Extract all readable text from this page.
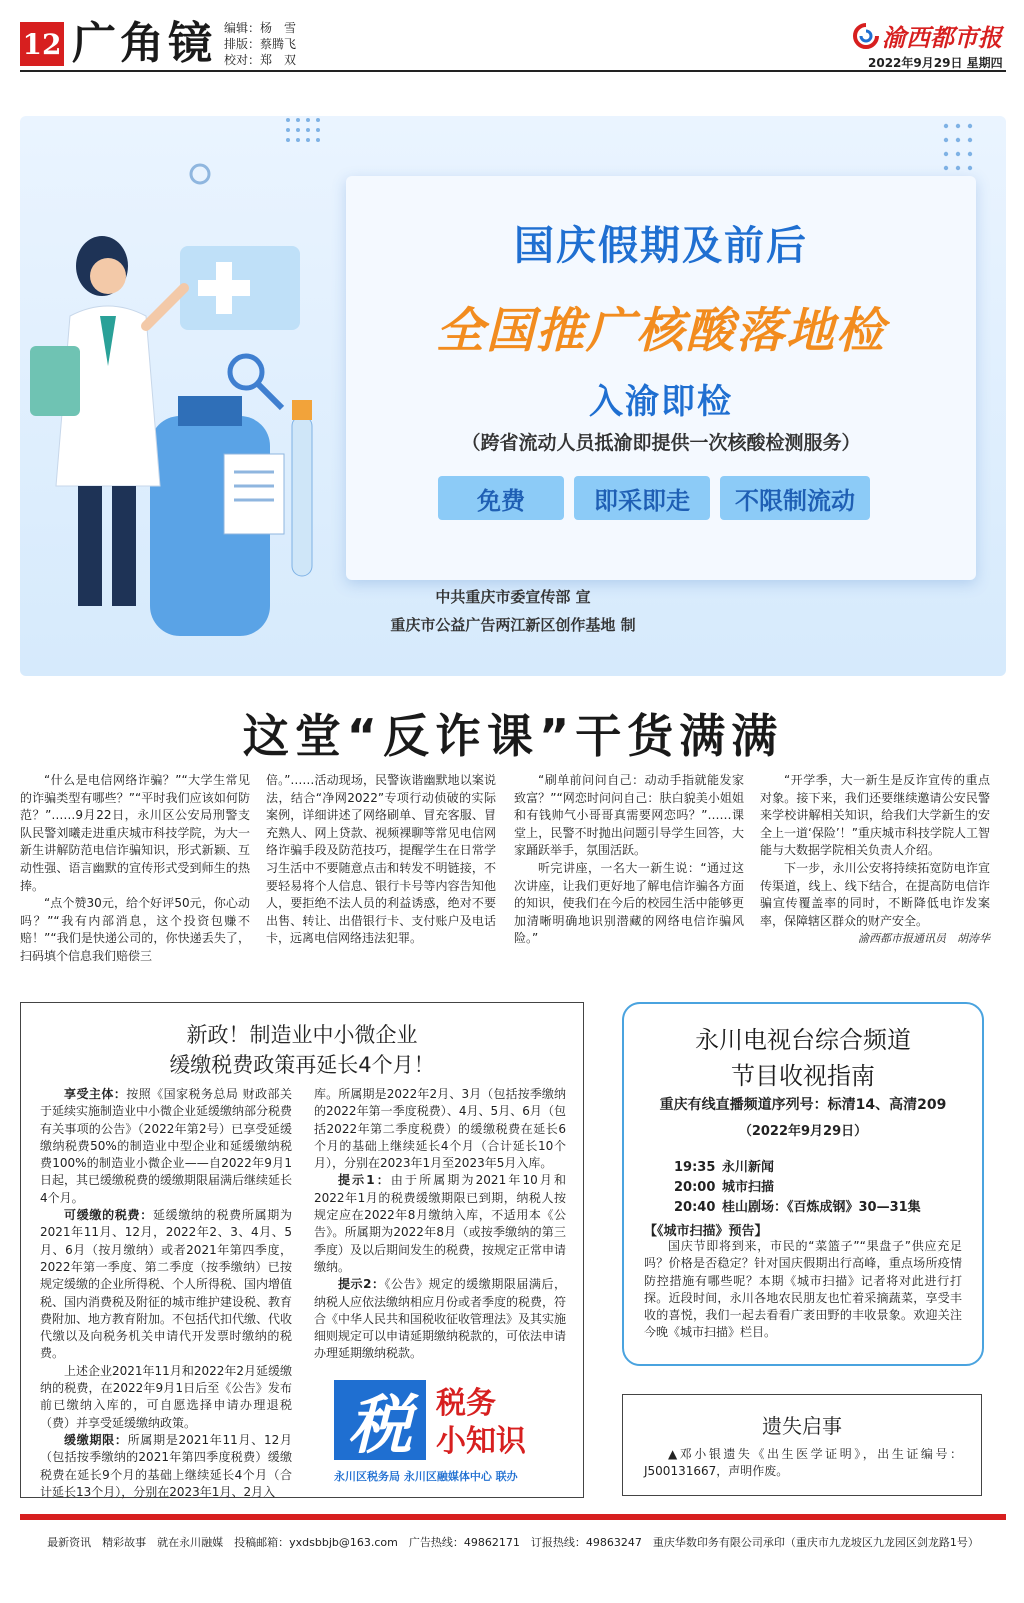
12 广角镜 编辑：杨　雪
排版：蔡腾飞
校对：郑　双
渝西都市报
2022年9月29日 星期四
国庆假期及前后
全国推广核酸落地检
入渝即检
（跨省流动人员抵渝即提供一次核酸检测服务）
免费	即采即走	不限制流动
中共重庆市委宣传部 宣
重庆市公益广告两江新区创作基地 制
这堂“反诈课”干货满满

“什么是电信网络诈骗？”“大学生常见的诈骗类型有哪些？”“平时我们应该如何防范？”……9月22日，永川区公安局刑警支队民警刘曦走进重庆城市科技学院，为大一新生讲解防范电信诈骗知识，形式新颖、互动性强、语言幽默的宣传形式受到师生的热捧。

“点个赞30元，给个好评50元，你心动吗？”“我有内部消息，这个投资包赚不赔！”“我们是快递公司的，你快递丢失了，扫码填个信息我们赔偿三

倍。”……活动现场，民警诙谐幽默地以案说法，结合“净网2022”专项行动侦破的实际案例，详细讲述了网络刷单、冒充客服、冒充熟人、网上贷款、视频裸聊等常见电信网络诈骗手段及防范技巧，提醒学生在日常学习生活中不要随意点击和转发不明链接，不要轻易将个人信息、银行卡号等内容告知他人，要拒绝不法人员的利益诱惑，绝对不要出售、转让、出借银行卡、支付账户及电话卡，远离电信网络违法犯罪。

“刷单前问问自己：动动手指就能发家致富？”“网恋时问问自己：肤白貌美小姐姐和有钱帅气小哥哥真需要网恋吗？”……课堂上，民警不时抛出问题引导学生回答，大家踊跃举手，氛围活跃。

听完讲座，一名大一新生说：“通过这次讲座，让我们更好地了解电信诈骗各方面的知识，使我们在今后的校园生活中能够更加清晰明确地识别潜藏的网络电信诈骗风险。”

“开学季，大一新生是反诈宣传的重点对象。接下来，我们还要继续邀请公安民警来学校讲解相关知识，给我们大学新生的安全上一道‘保险’！”重庆城市科技学院人工智能与大数据学院相关负责人介绍。

下一步，永川公安将持续拓宽防电诈宣传渠道，线上、线下结合，在提高防电信诈骗宣传覆盖率的同时，不断降低电诈发案率，保障辖区群众的财产安全。

渝西都市报通讯员　胡涛华
新政！制造业中小微企业
缓缴税费政策再延长4个月！

享受主体：按照《国家税务总局 财政部关于延续实施制造业中小微企业延缓缴纳部分税费有关事项的公告》（2022年第2号）已享受延缓缴纳税费50%的制造业中型企业和延缓缴纳税费100%的制造业小微企业——自2022年9月1日起，其已缓缴税费的缓缴期限届满后继续延长4个月。

可缓缴的税费：延缓缴纳的税费所属期为2021年11月、12月，2022年2、3、4月、5月、6月（按月缴纳）或者2021年第四季度，2022年第一季度、第二季度（按季缴纳）已按规定缓缴的企业所得税、个人所得税、国内增值税、国内消费税及附征的城市维护建设税、教育费附加、地方教育附加。不包括代扣代缴、代收代缴以及向税务机关申请代开发票时缴纳的税费。

上述企业2021年11月和2022年2月延缓缴纳的税费，在2022年9月1日后至《公告》发布前已缴纳入库的，可自愿选择申请办理退税（费）并享受延缓缴纳政策。

缓缴期限：所属期是2021年11月、12月（包括按季缴纳的2021年第四季度税费）缓缴税费在延长9个月的基础上继续延长4个月（合计延长13个月），分别在2023年1月、2月入

库。所属期是2022年2月、3月（包括按季缴纳的2022年第一季度税费）、4月、5月、6月（包括2022年第二季度税费）的缓缴税费在延长6个月的基础上继续延长4个月（合计延长10个月），分别在2023年1月至2023年5月入库。

提示1：由于所属期为2021年10月和2022年1月的税费缓缴期限已到期，纳税人按规定应在2022年8月缴纳入库，不适用本《公告》。所属期为2022年8月（或按季缴纳的第三季度）及以后期间发生的税费，按规定正常申请缴纳。

提示2：《公告》规定的缓缴期限届满后，纳税人应依法缴纳相应月份或者季度的税费，符合《中华人民共和国税收征收管理法》及其实施细则规定可以申请延期缴纳税款的，可依法申请办理延期缴纳税款。

税 税务
小知识
永川区税务局 永川区融媒体中心 联办
永川电视台综合频道
节目收视指南
重庆有线直播频道序列号：标清14、高清209
（2022年9月29日）
19:35 永川新闻
20:00 城市扫描
20:40 桂山剧场：《百炼成钢》30—31集
【《城市扫描》预告】
国庆节即将到来，市民的“菜篮子”“果盘子”供应充足吗？价格是否稳定？针对国庆假期出行高峰，重点场所疫情防控措施有哪些呢？本期《城市扫描》记者将对此进行打探。近段时间，永川各地农民朋友也忙着采摘蔬菜，享受丰收的喜悦，我们一起去看看广袤田野的丰收景象。欢迎关注今晚《城市扫描》栏目。
遗失启事
▲邓小银遗失《出生医学证明》，出生证编号：J500131667，声明作废。
最新资讯　精彩故事　就在永川融媒　投稿邮箱：yxdsbbjb@163.com　广告热线：49862171　订报热线：49863247　重庆华数印务有限公司承印（重庆市九龙坡区九龙园区剑龙路1号）
